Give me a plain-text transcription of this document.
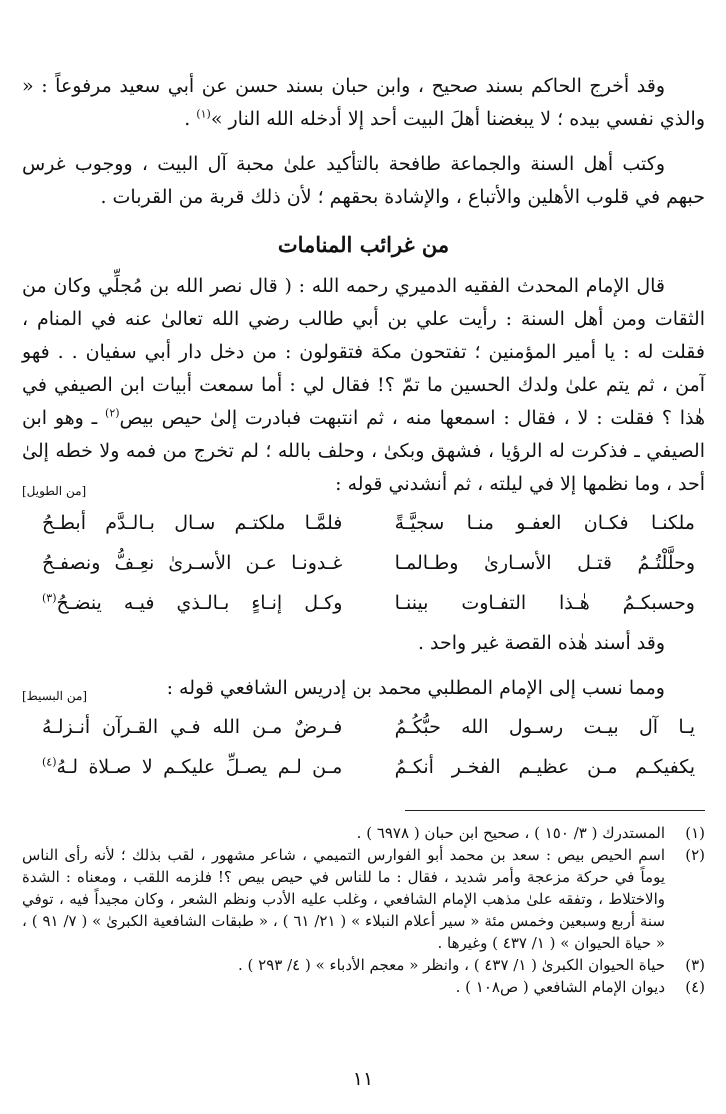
وقد أخرج الحاكم بسند صحيح ، وابن حبان بسند حسن عن أبي سعيد مرفوعاً : « والذي نفسي بيده ؛ لا يبغضنا أهلَ البيت أحد إلا أدخله الله النار »$^{(١)}$ .

وكتب أهل السنة والجماعة طافحة بالتأكيد علىٰ محبة آل البيت ، ووجوب غرس حبهم في قلوب الأهلين والأتباع ، والإشادة بحقهم ؛ لأن ذلك قربة من القربات .

من غرائب المنامات

قال الإمام المحدث الفقيه الدميري رحمه الله : ( قال نصر الله بن مُجلِّي وكان من الثقات ومن أهل السنة : رأيت علي بن أبي طالب رضي الله تعالىٰ عنه في المنام ، فقلت له : يا أمير المؤمنين ؛ تفتحون مكة فتقولون : من دخل دار أبي سفيان . . فهو آمن ، ثم يتم علىٰ ولدك الحسين ما تمّ ؟! فقال لي : أما سمعت أبيات ابن الصيفي في هٰذا ؟ فقلت : لا ، فقال : اسمعها منه ، ثم انتبهت فبادرت إلىٰ حيص بيص$^{(٢)}$ ـ وهو ابن الصيفي ـ فذكرت له الرؤيا ، فشهق وبكىٰ ، وحلف بالله ؛ لم تخرج من فمه ولا خطه إلىٰ أحد ، وما نظمها إلا في ليلته ، ثم أنشدني قوله :

[من الطويل]
ملكنـا فكـان العفـو منـا سجيَّـةً
فلمَّـا ملكتـم سـال بـالـدَّم أبطـحُ
وحلَّلْتُـمُ قتـل الأسـارىٰ وطـالمـا
غـدونـا عـن الأسـرىٰ نعِـفُّ ونصفـحُ
وحسبكـمُ هٰـذا التفـاوت بيننـا
وكـل إنـاءٍ بـالـذي فيـه ينضـحُ$^{(٣)}$

وقد أسند هٰذه القصة غير واحد .

ومما نسب إلى الإمام المطلبي محمد بن إدريس الشافعي قوله :
[من البسيط]
يـا آل بيـت رسـول الله حبُّكُـمُ
فـرضٌ مـن الله فـي القـرآن أنـزلـهُ
يكفيكـم مـن عظيـم الفخـر أنكـمُ
مـن لـم يصـلِّ عليكـم لا صـلاة لـهُ$^{(٤)}$
(١)
المستدرك ( ٣/ ١٥٠ ) ، صحيح ابن حبان ( ٦٩٧٨ ) .
(٢)
اسم الحيص بيص : سعد بن محمد أبو الفوارس التميمي ، شاعر مشهور ، لقب بذلك ؛ لأنه رأى الناس يوماً في حركة مزعجة وأمر شديد ، فقال : ما للناس في حيص بيص ؟! فلزمه اللقب ، ومعناه : الشدة والاختلاط ، وتفقه علىٰ مذهب الإمام الشافعي ، وغلب عليه الأدب ونظم الشعر ، وكان مجيداً فيه ، توفي سنة أربع وسبعين وخمس مئة « سير أعلام النبلاء » ( ٢١/ ٦١ ) ، « طبقات الشافعية الكبرىٰ » ( ٧/ ٩١ ) ، « حياة الحيوان » ( ١/ ٤٣٧ ) وغيرها .
(٣)
حياة الحيوان الكبرىٰ ( ١/ ٤٣٧ ) ، وانظر « معجم الأدباء » ( ٤/ ٢٩٣ ) .
(٤)
ديوان الإمام الشافعي ( ص١٠٨ ) .
١١
